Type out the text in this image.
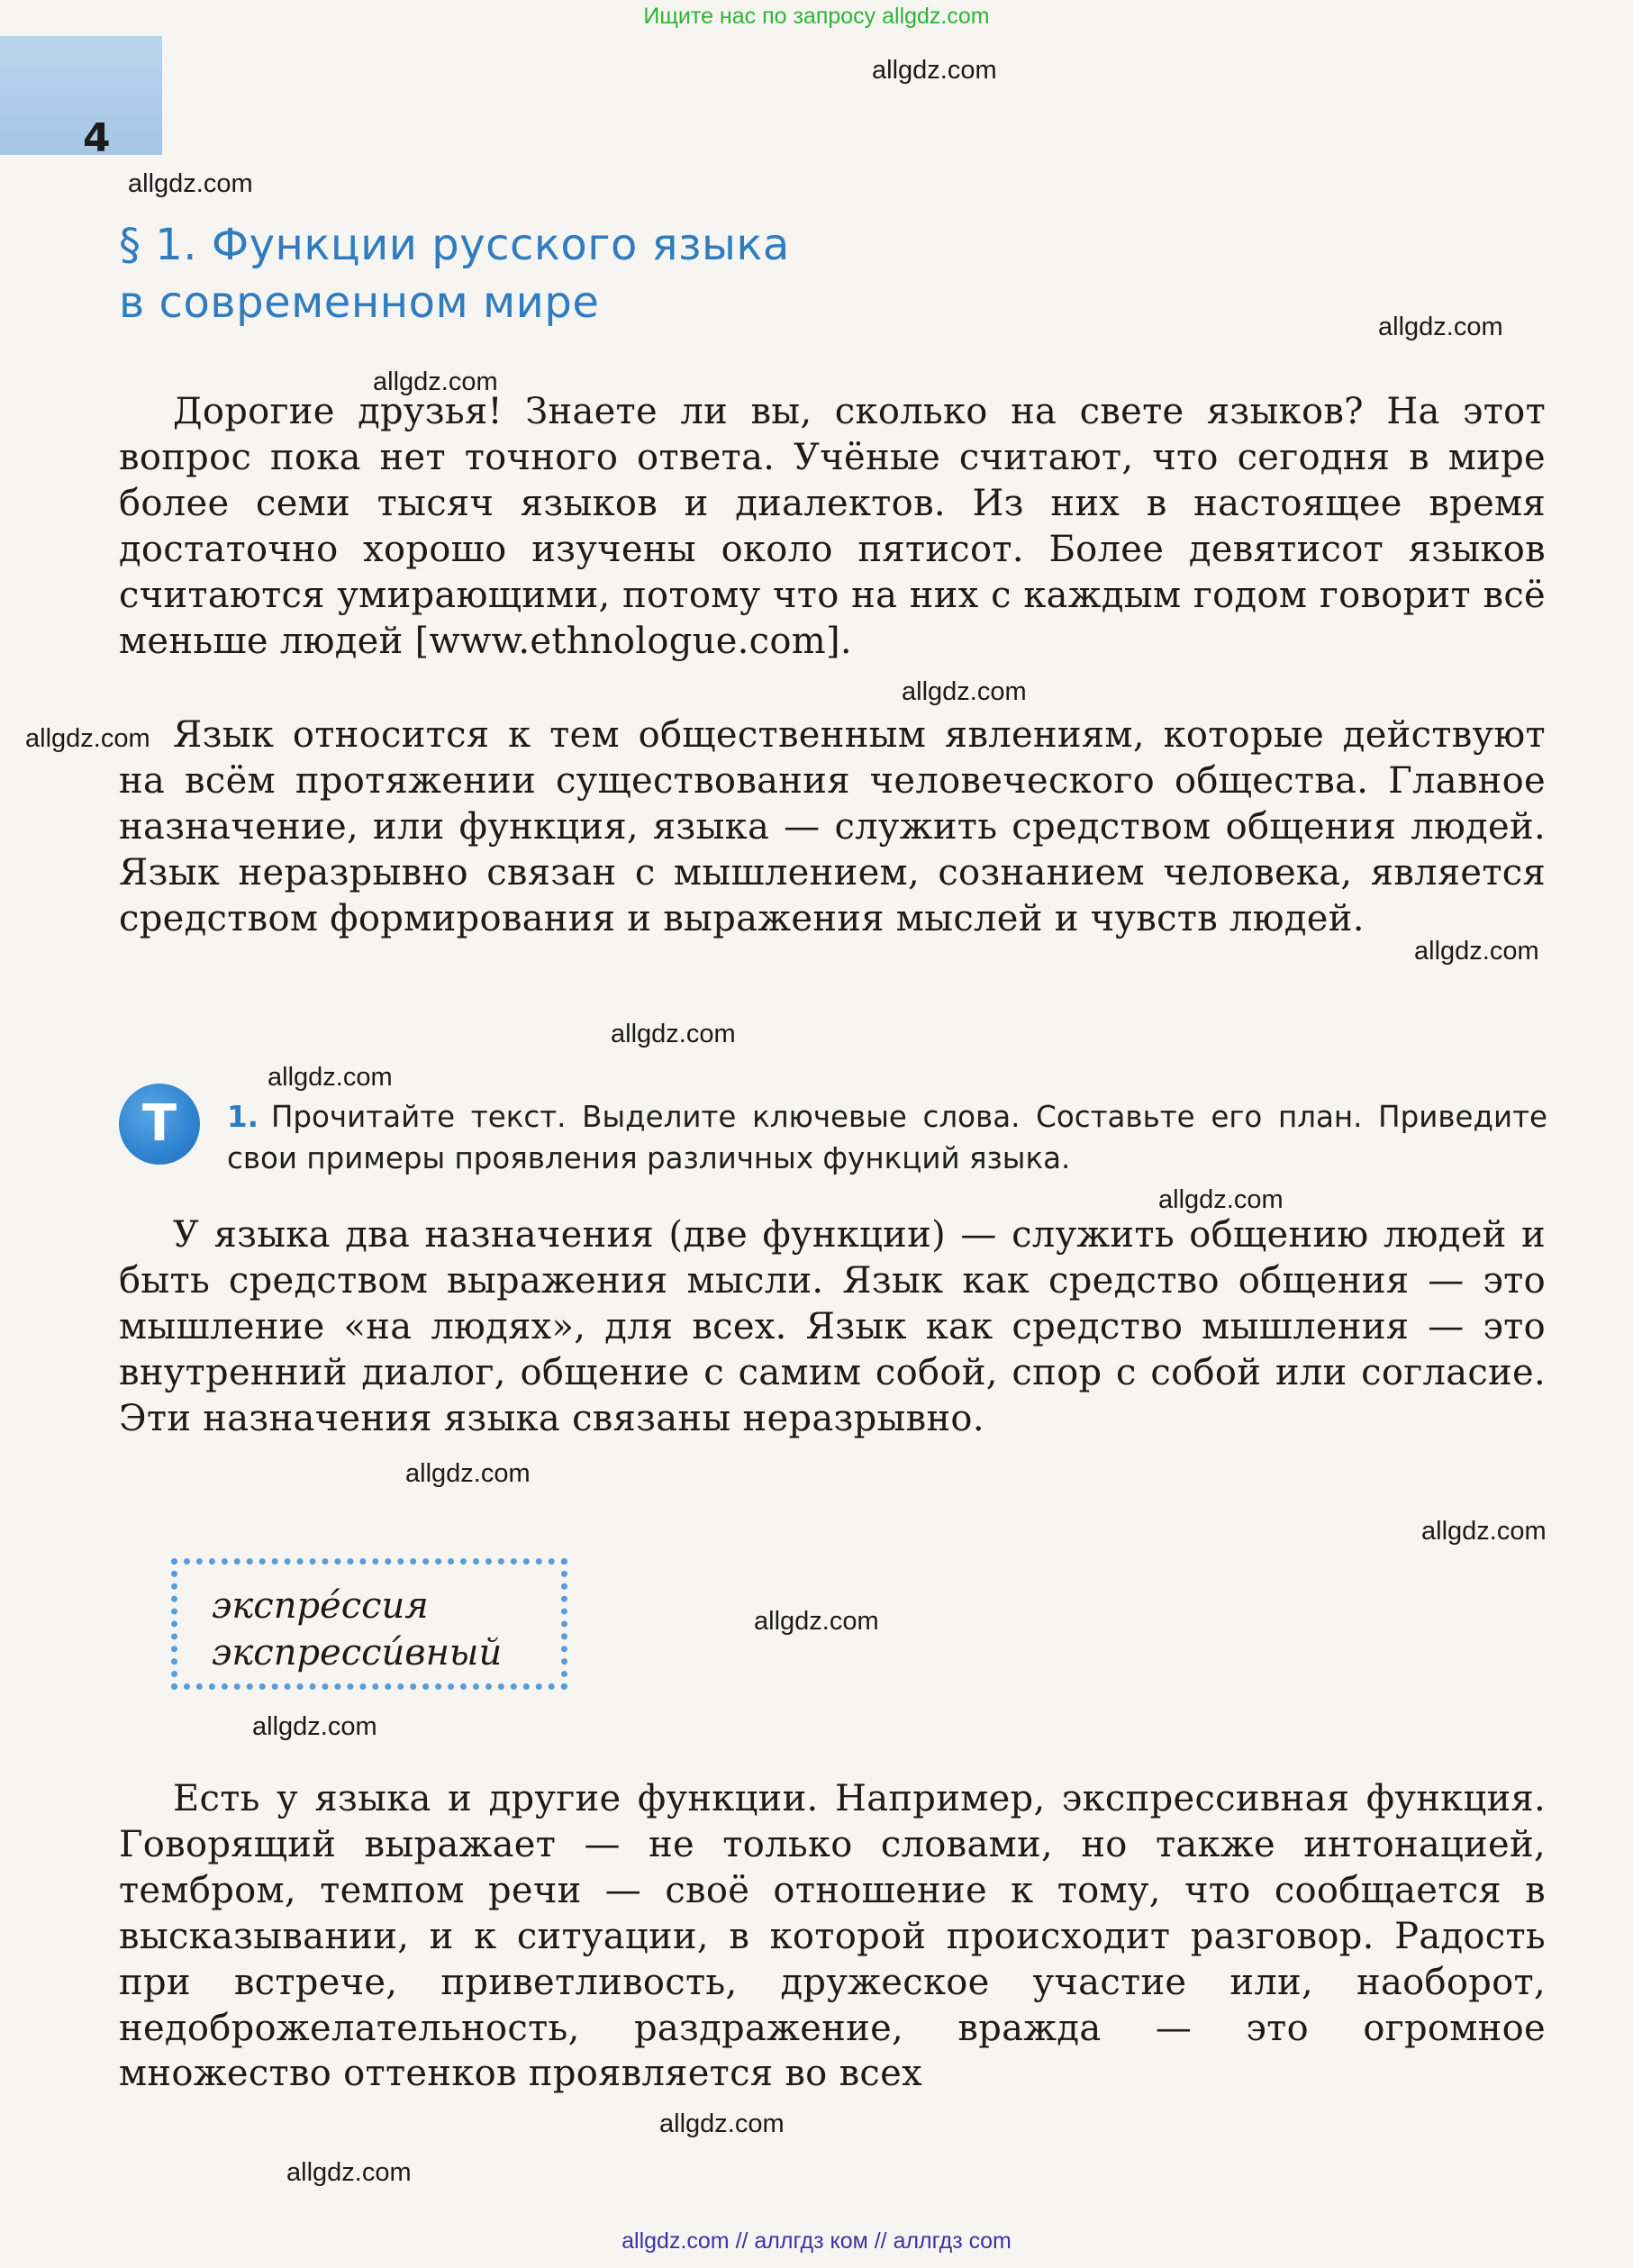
Ищите нас по запросу allgdz.com

4

§ 1. Функции русского языка
в современном мире

Дорогие друзья! Знаете ли вы, сколько на свете языков? На этот вопрос пока нет точного ответа. Учёные считают, что сегодня в мире более семи тысяч языков и диалектов. Из них в настоящее время достаточно хорошо изучены около пятисот. Более девятисот языков считаются умирающими, потому что на них с каждым годом говорит всё меньше людей [www.ethnologue.com].

Язык относится к тем общественным явлениям, которые действуют на всём протяжении существования человеческого общества. Главное назначение, или функция, языка — служить средством общения людей. Язык неразрывно связан с мышлением, сознанием человека, является средством формирования и выражения мыслей и чувств людей.

Т	1. Прочитайте текст. Выделите ключевые слова. Составьте его план. Приведите свои примеры проявления различных функций языка.

У языка два назначения (две функции) — служить общению людей и быть средством выражения мысли. Язык как средство общения — это мышление «на людях», для всех. Язык как средство мышления — это внутренний диалог, общение с самим собой, спор с собой или согласие. Эти назначения языка связаны неразрывно.

экспре́ссия
экспресси́вный

Есть у языка и другие функции. Например, экспрессивная функция. Говорящий выражает — не только словами, но также интонацией, тембром, темпом речи — своё отношение к тому, что сообщается в высказывании, и к ситуации, в которой происходит разговор. Радость при встрече, приветливость, дружеское участие или, наоборот, недоброжелательность, раздражение, вражда — это огромное множество оттенков проявляется во всех

allgdz.com

allgdz.com

allgdz.com

allgdz.com

allgdz.com

allgdz.com

allgdz.com

allgdz.com

allgdz.com

allgdz.com

allgdz.com

allgdz.com

allgdz.com

allgdz.com

allgdz.com

allgdz.com

allgdz.com // аллгдз ком // аллгдз com
